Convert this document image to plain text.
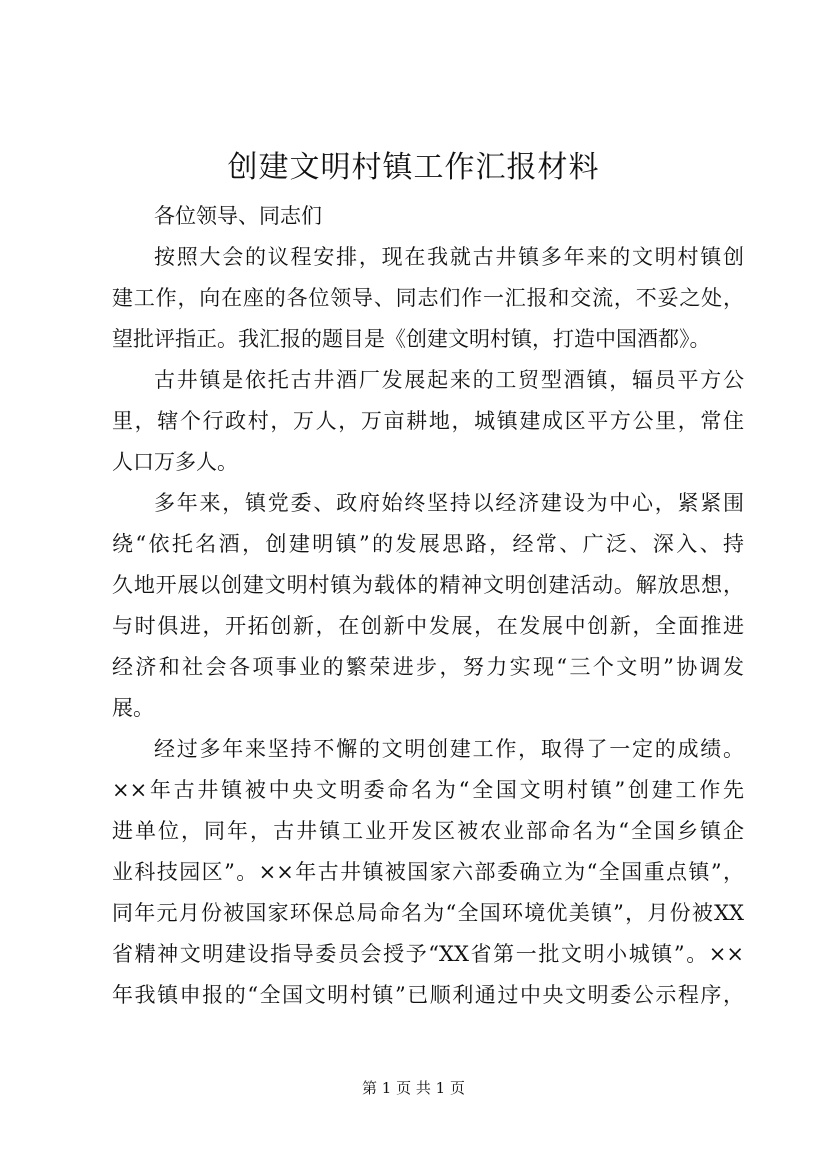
创建文明村镇工作汇报材料
各位领导、同志们
按照大会的议程安排，现在我就古井镇多年来的文明村镇创
建工作，向在座的各位领导、同志们作一汇报和交流，不妥之处，
望批评指正。我汇报的题目是《创建文明村镇，打造中国酒都》。
古井镇是依托古井酒厂发展起来的工贸型酒镇，辐员平方公
里，辖个行政村，万人，万亩耕地，城镇建成区平方公里，常住
人口万多人。
多年来，镇党委、政府始终坚持以经济建设为中心，紧紧围
绕“依托名酒，创建明镇”的发展思路，经常、广泛、深入、持
久地开展以创建文明村镇为载体的精神文明创建活动。解放思想，
与时俱进，开拓创新，在创新中发展，在发展中创新，全面推进
经济和社会各项事业的繁荣进步，努力实现“三个文明”协调发
展。
经过多年来坚持不懈的文明创建工作，取得了一定的成绩。
××年古井镇被中央文明委命名为“全国文明村镇”创建工作先
进单位，同年，古井镇工业开发区被农业部命名为“全国乡镇企
业科技园区”。××年古井镇被国家六部委确立为“全国重点镇”，
同年元月份被国家环保总局命名为“全国环境优美镇”，月份被XX
省精神文明建设指导委员会授予“XX省第一批文明小城镇”。××
年我镇申报的“全国文明村镇”已顺利通过中央文明委公示程序，
第 1 页 共 1 页
